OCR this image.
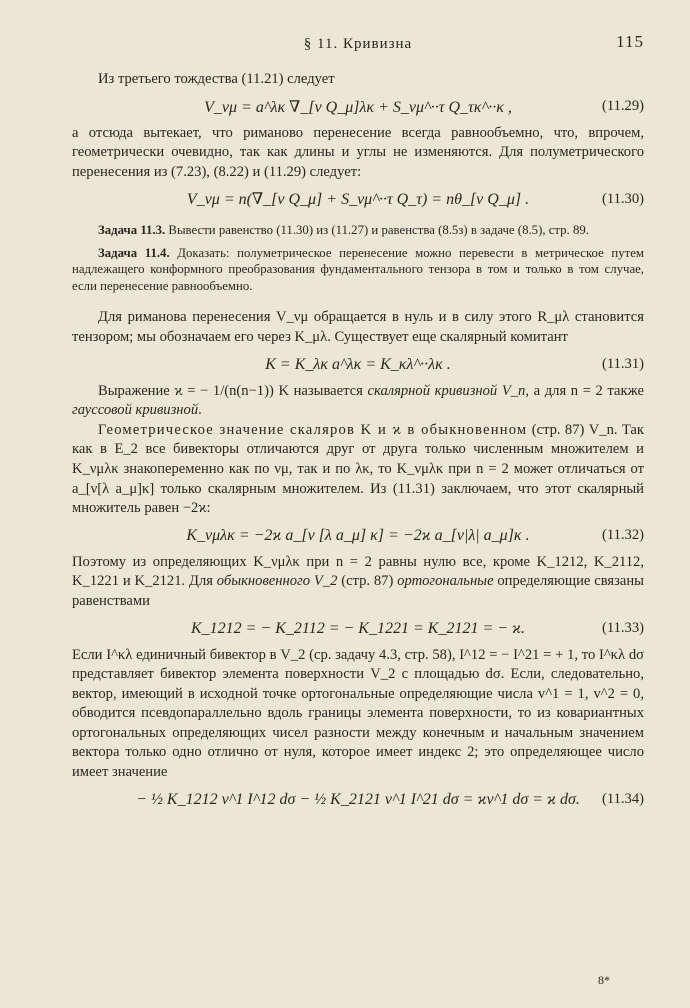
§ 11. Кривизна	115

Из третьего тождества (11.21) следует

V_νμ = a^λκ ∇_[ν Q_μ]λκ + S_νμ^··τ Q_τκ^··κ ,	(11.29)

а отсюда вытекает, что риманово перенесение всегда равнообъемно, что, впрочем, геометрически очевидно, так как длины и углы не изменяются. Для полуметрического перенесения из (7.23), (8.22) и (11.29) следует:

V_νμ = n(∇_[ν Q_μ] + S_νμ^··τ Q_τ) = nθ_[ν Q_μ] .	(11.30)
Задача 11.3. Вывести равенство (11.30) из (11.27) и равенства (8.5з) в задаче (8.5), стр. 89.
Задача 11.4. Доказать: полуметрическое перенесение можно перевести в метрическое путем надлежащего конформного преобразования фундаментального тензора в том и только в том случае, если перенесение равнообъемно.

Для риманова перенесения V_νμ обращается в нуль и в силу этого R_μλ становится тензором; мы обозначаем его через K_μλ. Существует еще скалярный комитант

K = K_λκ a^λκ = K_κλ^··λκ .	(11.31)

Выражение ϰ = − 1/(n(n−1)) K называется скалярной кривизной V_n, а для n = 2 также гауссовой кривизной.

Геометрическое значение скаляров K и ϰ в обыкновенном (стр. 87) V_n. Так как в E_2 все бивекторы отличаются друг от друга только численным множителем и K_νμλκ знакопеременно как по νμ, так и по λκ, то K_νμλκ при n = 2 может отличаться от a_[ν[λ a_μ]κ] только скалярным множителем. Из (11.31) заключаем, что этот скалярный множитель равен −2ϰ:

K_νμλκ = −2ϰ a_[ν [λ a_μ] κ] = −2ϰ a_[ν|λ| a_μ]κ .	(11.32)

Поэтому из определяющих K_νμλκ при n = 2 равны нулю все, кроме K_1212, K_2112, K_1221 и K_2121. Для обыкновенного V_2 (стр. 87) ортогональные определяющие связаны равенствами

K_1212 = − K_2112 = − K_1221 = K_2121 = − ϰ.	(11.33)

Если I^κλ единичный бивектор в V_2 (ср. задачу 4.3, стр. 58), I^12 = − I^21 = + 1, то I^κλ dσ представляет бивектор элемента поверхности V_2 с площадью dσ. Если, следовательно, вектор, имеющий в исходной точке ортогональные определяющие числа v^1 = 1, v^2 = 0, обводится псевдопараллельно вдоль границы элемента поверхности, то из ковариантных ортогональных определяющих чисел разности между конечным и начальным значением вектора только одно отлично от нуля, которое имеет индекс 2; это определяющее число имеет значение

− ½ K_1212 v^1 I^12 dσ − ½ K_2121 v^1 I^21 dσ = ϰv^1 dσ = ϰ dσ. (11.34)
8*
